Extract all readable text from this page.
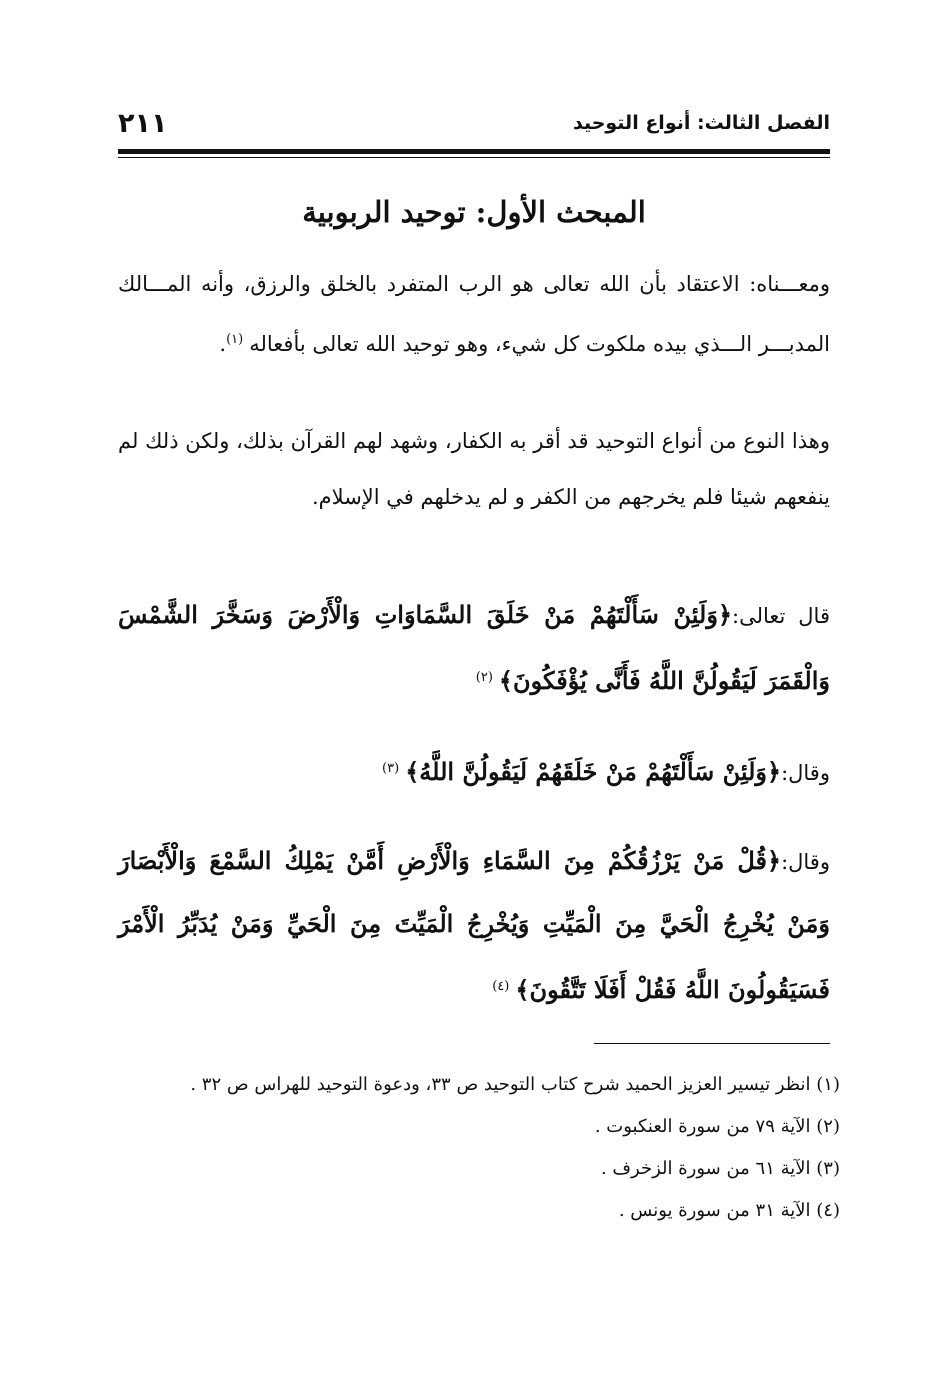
الفصل الثالث: أنواع التوحيد
٢١١
المبحث الأول: توحيد الربوبية
ومعـــناه: الاعتقاد بأن الله تعالى هو الرب المتفرد بالخلق والرزق، وأنه المـــالك المدبـــر الـــذي بيده ملكوت كل شيء، وهو توحيد الله تعالى بأفعاله$^{(١)}$.
وهذا النوع من أنواع التوحيد قد أقر به الكفار، وشهد لهم القرآن بذلك، ولكن ذلك لم ينفعهم شيئا فلم يخرجهم من الكفر و لم يدخلهم في الإسلام.
قال تعالى:﴿وَلَئِنْ سَأَلْتَهُمْ مَنْ خَلَقَ السَّمَاوَاتِ وَالْأَرْضَ وَسَخَّرَ الشَّمْسَ وَالْقَمَرَ لَيَقُولُنَّ اللَّهُ فَأَنَّى يُؤْفَكُونَ﴾$^{(٢)}$
وقال:﴿وَلَئِنْ سَأَلْتَهُمْ مَنْ خَلَقَهُمْ لَيَقُولُنَّ اللَّهُ﴾$^{(٣)}$
وقال:﴿قُلْ مَنْ يَرْزُقُكُمْ مِنَ السَّمَاءِ وَالْأَرْضِ أَمَّنْ يَمْلِكُ السَّمْعَ وَالْأَبْصَارَ وَمَنْ يُخْرِجُ الْحَيَّ مِنَ الْمَيِّتِ وَيُخْرِجُ الْمَيِّتَ مِنَ الْحَيِّ وَمَنْ يُدَبِّرُ الْأَمْرَ فَسَيَقُولُونَ اللَّهُ فَقُلْ أَفَلَا تَتَّقُونَ﴾$^{(٤)}$
(١) انظر تيسير العزيز الحميد شرح كتاب التوحيد ص ٣٣، ودعوة التوحيد للهراس ص ٣٢ .
(٢) الآية ٧٩ من سورة العنكبوت .
(٣) الآية ٦١ من سورة الزخرف .
(٤) الآية ٣١ من سورة يونس .
